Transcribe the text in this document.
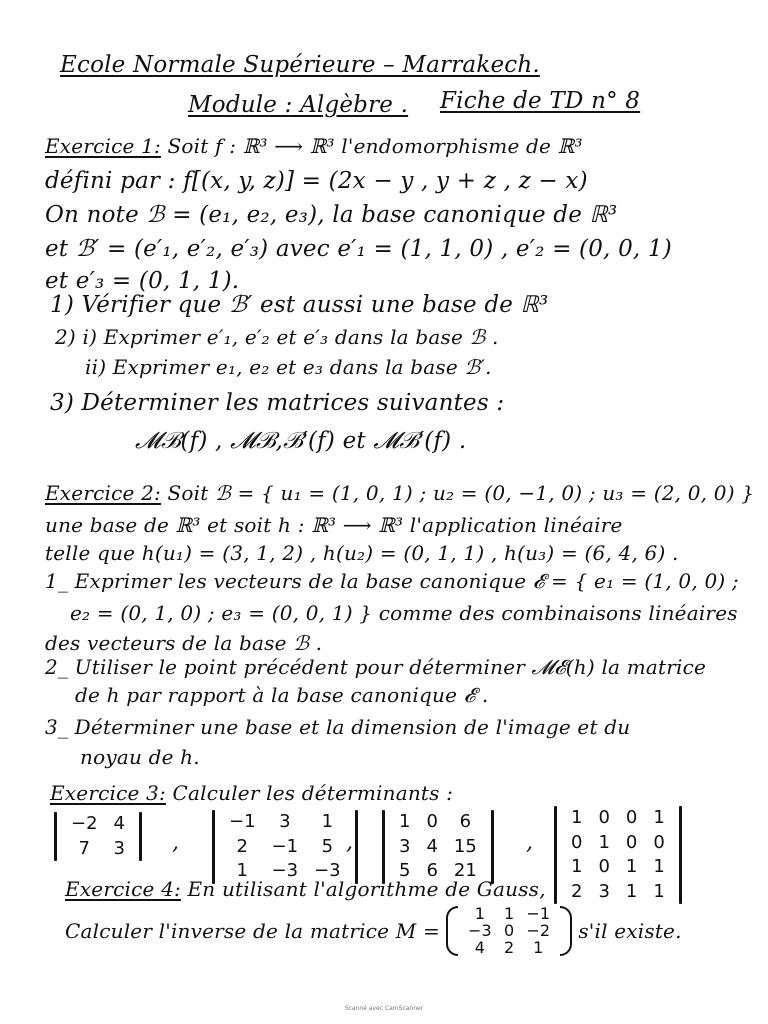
Ecole Normale Supérieure – Marrakech.
Module : Algèbre . Fiche de TD n° 8
Exercice 1: Soit f : ℝ³ ⟶ ℝ³ l'endomorphisme de ℝ³
défini par : f[(x, y, z)] = (2x − y , y + z , z − x)
On note ℬ = (e₁, e₂, e₃), la base canonique de ℝ³
et ℬ′ = (e′₁, e′₂, e′₃) avec e′₁ = (1, 1, 0) , e′₂ = (0, 0, 1)
et e′₃ = (0, 1, 1).
1) Vérifier que ℬ′ est aussi une base de ℝ³
2) i) Exprimer e′₁, e′₂ et e′₃ dans la base ℬ .
ii) Exprimer e₁, e₂ et e₃ dans la base ℬ′.
3) Déterminer les matrices suivantes :
𝓜ℬ(f) , 𝓜ℬ,ℬ′(f) et 𝓜ℬ′(f) .
Exercice 2: Soit ℬ = { u₁ = (1, 0, 1) ; u₂ = (0, −1, 0) ; u₃ = (2, 0, 0) }
une base de ℝ³ et soit h : ℝ³ ⟶ ℝ³ l'application linéaire
telle que h(u₁) = (3, 1, 2) , h(u₂) = (0, 1, 1) , h(u₃) = (6, 4, 6) .
1_ Exprimer les vecteurs de la base canonique 𝓔 = { e₁ = (1, 0, 0) ;
e₂ = (0, 1, 0) ; e₃ = (0, 0, 1) } comme des combinaisons linéaires
des vecteurs de la base ℬ .
2_ Utiliser le point précédent pour déterminer 𝓜𝓔(h) la matrice
de h par rapport à la base canonique 𝓔 .
3_ Déterminer une base et la dimension de l'image et du
noyau de h.
Exercice 3: Calculer les déterminants :
−2	4
7	3 ,
−1	3	1
2	−1	5
1	−3	−3
,
1	0	6
3	4	15
5	6	21
,
1	0	0	1
0	1	0	0
1	0	1	1
2	3	1	1
Exercice 4: En utilisant l'algorithme de Gauss,
Calculer l'inverse de la matrice M =
1	1	−1
−3	0	−2
4	2	1
s'il existe.
Scanné avec CamScanner
